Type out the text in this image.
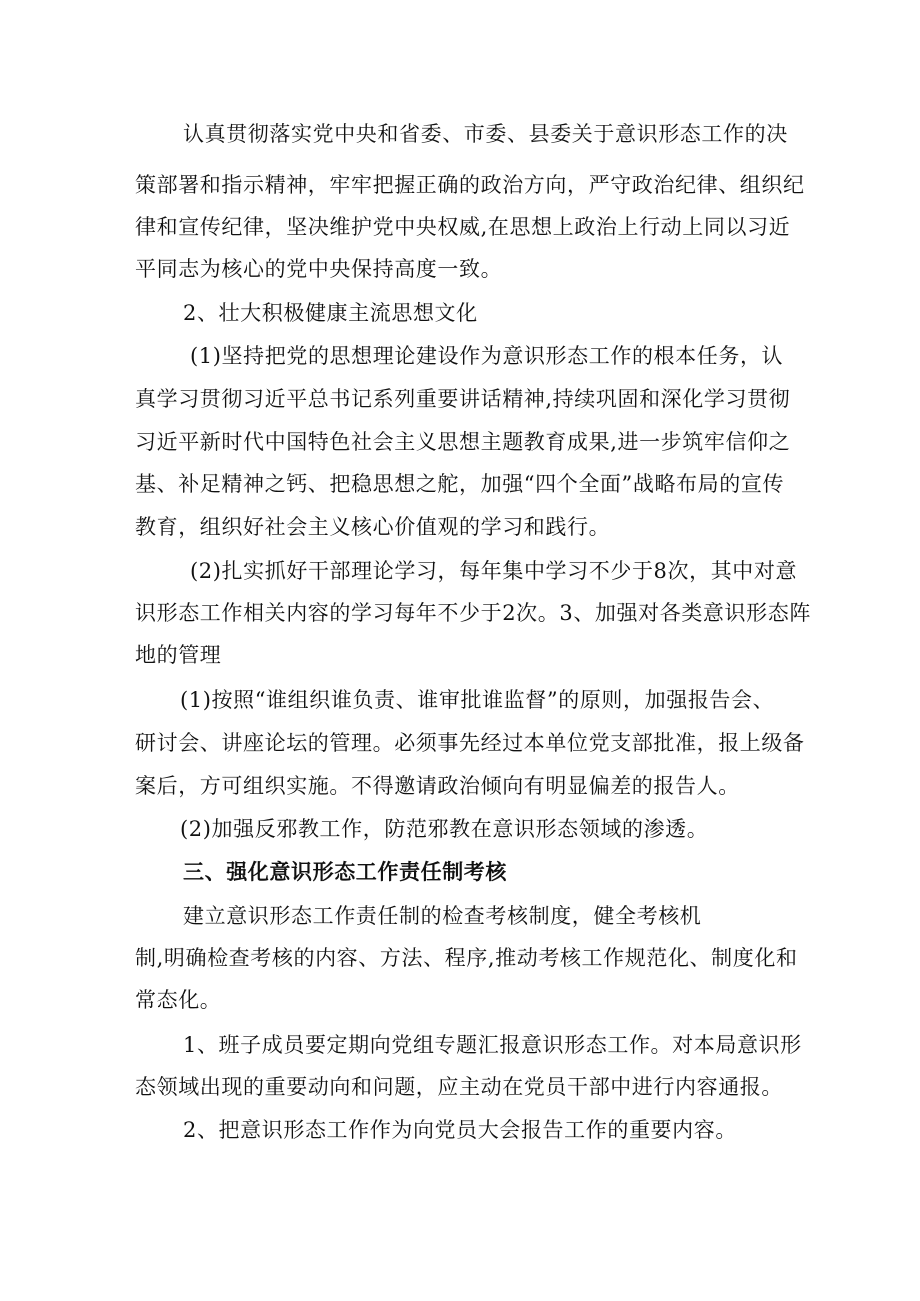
认真贯彻落实党中央和省委、市委、县委关于意识形态工作的决
策部署和指示精神，牢牢把握正确的政治方向，严守政治纪律、组织纪
律和宣传纪律，坚决维护党中央权威,在思想上政治上行动上同以习近
平同志为核心的党中央保持高度一致。
2、壮大积极健康主流思想文化
(1)坚持把党的思想理论建设作为意识形态工作的根本任务，认
真学习贯彻习近平总书记系列重要讲话精神,持续巩固和深化学习贯彻
习近平新时代中国特色社会主义思想主题教育成果,进一步筑牢信仰之
基、补足精神之钙、把稳思想之舵，加强“四个全面”战略布局的宣传
教育，组织好社会主义核心价值观的学习和践行。
(2)扎实抓好干部理论学习，每年集中学习不少于8次，其中对意
识形态工作相关内容的学习每年不少于2次。3、加强对各类意识形态阵
地的管理
(1)按照“谁组织谁负责、谁审批谁监督”的原则，加强报告会、
研讨会、讲座论坛的管理。必须事先经过本单位党支部批准，报上级备
案后，方可组织实施。不得邀请政治倾向有明显偏差的报告人。
(2)加强反邪教工作，防范邪教在意识形态领域的渗透。
三、强化意识形态工作责任制考核
建立意识形态工作责任制的检查考核制度，健全考核机
制,明确检查考核的内容、方法、程序,推动考核工作规范化、制度化和
常态化。
1、班子成员要定期向党组专题汇报意识形态工作。对本局意识形
态领域出现的重要动向和问题，应主动在党员干部中进行内容通报。
2、把意识形态工作作为向党员大会报告工作的重要内容。
